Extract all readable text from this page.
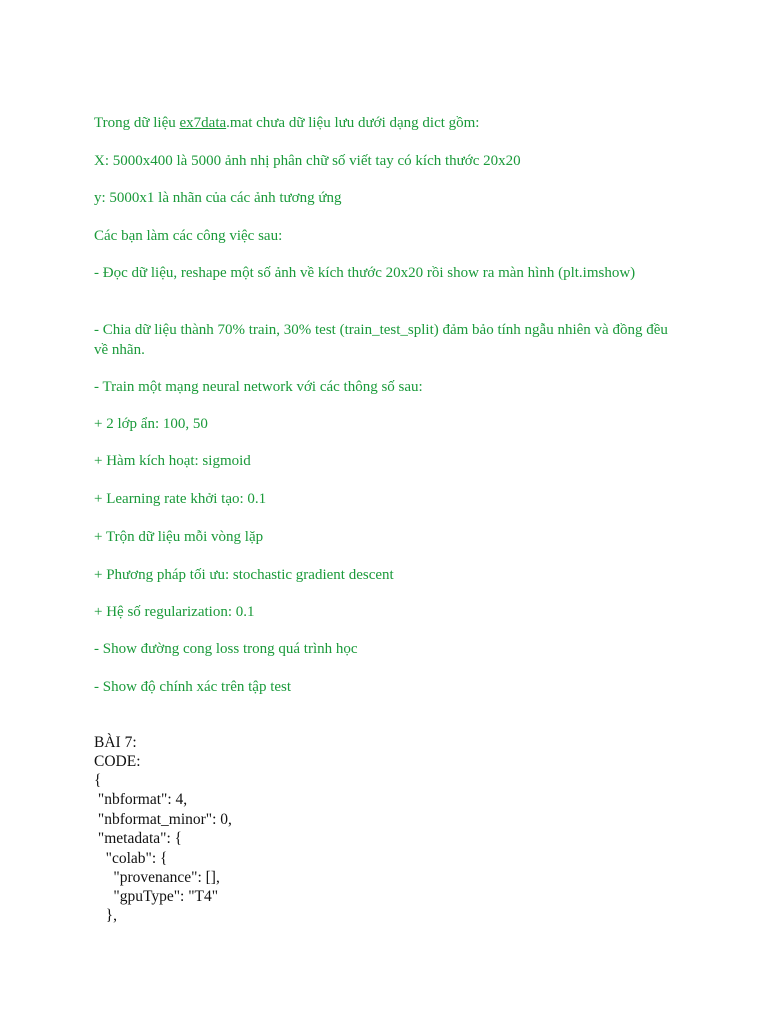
Trong dữ liệu ex7data.mat chưa dữ liệu lưu dưới dạng dict gồm:
X: 5000x400 là 5000 ảnh nhị phân chữ số viết tay có kích thước 20x20
y: 5000x1 là nhãn của các ảnh tương ứng
Các bạn làm các công việc sau:
- Đọc dữ liệu, reshape một số ảnh về kích thước 20x20 rồi show ra màn hình (plt.imshow)
- Chia dữ liệu thành 70% train, 30% test (train_test_split) đảm bảo tính ngẫu nhiên và đồng đều về nhãn.
- Train một mạng neural network với các thông số sau:
+ 2 lớp ẩn: 100, 50
+ Hàm kích hoạt: sigmoid
+ Learning rate khởi tạo: 0.1
+ Trộn dữ liệu mỗi vòng lặp
+ Phương pháp tối ưu: stochastic gradient descent
+ Hệ số regularization: 0.1
- Show đường cong loss trong quá trình học
- Show độ chính xác trên tập test
BÀI 7:
CODE:
{
"nbformat": 4,
"nbformat_minor": 0,
"metadata": {
"colab": {
"provenance": [],
"gpuType": "T4"
},
